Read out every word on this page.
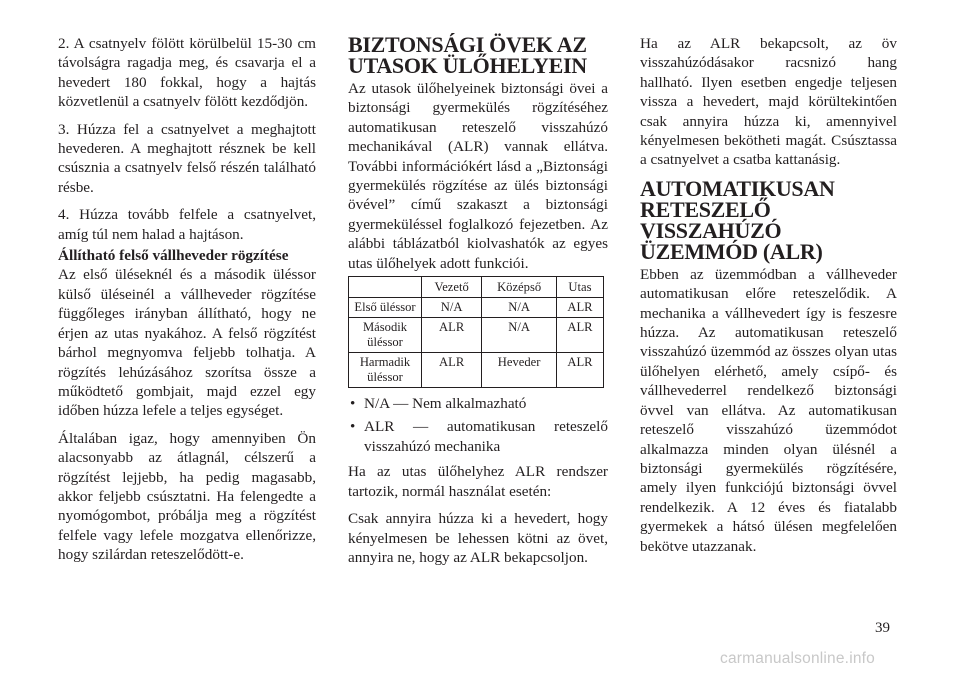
2. A csatnyelv fölött körülbelül 15-30 cm távolságra ragadja meg, és csavarja el a hevedert 180 fokkal, hogy a hajtás közvetlenül a csatnyelv fölött kezdődjön.

3. Húzza fel a csatnyelvet a meghajtott hevederen. A meghajtott résznek be kell csúsznia a csatnyelv felső részén található résbe.

4. Húzza tovább felfele a csatnyelvet, amíg túl nem halad a hajtáson.

Állítható felső vállheveder rögzítése

Az első üléseknél és a második üléssor külső üléseinél a vállheveder rögzítése függőleges irányban állítható, hogy ne érjen az utas nyakához. A felső rögzítést bárhol megnyomva feljebb tolhatja. A rögzítés lehúzásához szorítsa össze a működtető gombjait, majd ezzel egy időben húzza lefele a teljes egységet.

Általában igaz, hogy amennyiben Ön alacsonyabb az átlagnál, célszerű a rögzítést lejjebb, ha pedig magasabb, akkor feljebb csúsztatni. Ha felengedte a nyomógombot, próbálja meg a rögzítést felfele vagy lefele mozgatva ellenőrizze, hogy szilárdan reteszelődött-e.

BIZTONSÁGI ÖVEK AZ UTASOK ÜLŐHELYEIN

Az utasok ülőhelyeinek biztonsági övei a biztonsági gyermekülés rögzítéséhez automatikusan reteszelő visszahúzó mechanikával (ALR) vannak ellátva. További információkért lásd a „Biztonsági gyermekülés rögzítése az ülés biztonsági övével” című szakaszt a biztonsági gyermeküléssel foglalkozó fejezetben. Az alábbi táblázatból kiolvashatók az egyes utas ülőhelyek adott funkciói.

	Vezető	Középső	Utas
Első üléssor	N/A	N/A	ALR
Második üléssor	ALR	N/A	ALR
Harmadik üléssor	ALR	Heveder	ALR
• N/A — Nem alkalmazható
• ALR — automatikusan reteszelő visszahúzó mechanika

Ha az utas ülőhelyhez ALR rendszer tartozik, normál használat esetén:

Csak annyira húzza ki a hevedert, hogy kényelmesen be lehessen kötni az övet, annyira ne, hogy az ALR bekapcsoljon.

Ha az ALR bekapcsolt, az öv visszahúzódásakor racsnizó hang hallható. Ilyen esetben engedje teljesen vissza a hevedert, majd körültekintően csak annyira húzza ki, amennyivel kényelmesen bekötheti magát. Csúsztassa a csatnyelvet a csatba kattanásig.

AUTOMATIKUSAN RETESZELŐ VISSZAHÚZÓ ÜZEMMÓD (ALR)

Ebben az üzemmódban a vállheveder automatikusan előre reteszelődik. A mechanika a vállhevedert így is feszesre húzza. Az automatikusan reteszelő visszahúzó üzemmód az összes olyan utas ülőhelyen elérhető, amely csípő- és vállhevederrel rendelkező biztonsági övvel van ellátva. Az automatikusan reteszelő visszahúzó üzemmódot alkalmazza minden olyan ülésnél a biztonsági gyermekülés rögzítésére, amely ilyen funkciójú biztonsági övvel rendelkezik. A 12 éves és fiatalabb gyermekek a hátsó ülésen megfelelően bekötve utazzanak.

39
carmanualsonline.info
